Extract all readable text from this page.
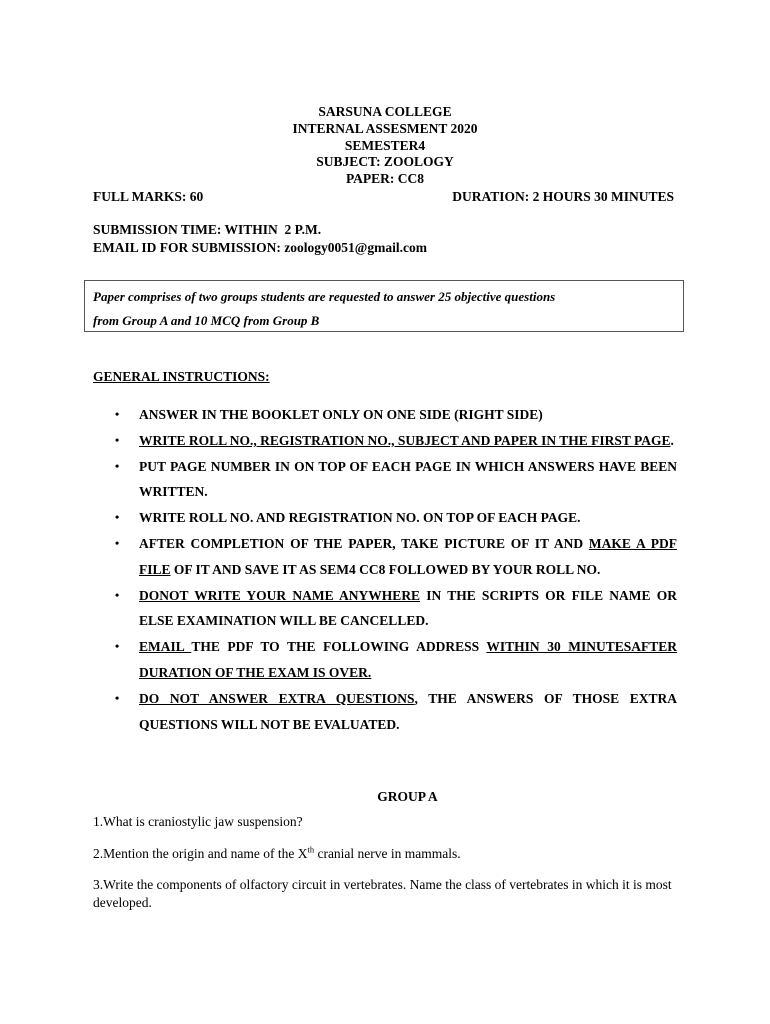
SARSUNA COLLEGE
INTERNAL ASSESMENT 2020
SEMESTER4
SUBJECT: ZOOLOGY
PAPER: CC8
FULL MARKS: 60	DURATION: 2 HOURS 30 MINUTES
SUBMISSION TIME: WITHIN  2 P.M.
EMAIL ID FOR SUBMISSION: zoology0051@gmail.com
Paper comprises of two groups students are requested to answer 25 objective questions
from Group A and 10 MCQ from Group B
GENERAL INSTRUCTIONS:
• ANSWER IN THE BOOKLET ONLY ON ONE SIDE (RIGHT SIDE)
• WRITE ROLL NO., REGISTRATION NO., SUBJECT AND PAPER IN THE FIRST PAGE.
• PUT PAGE NUMBER IN ON TOP OF EACH PAGE IN WHICH ANSWERS HAVE BEEN WRITTEN.
• WRITE ROLL NO. AND REGISTRATION NO. ON TOP OF EACH PAGE.
• AFTER COMPLETION OF THE PAPER, TAKE PICTURE OF IT AND MAKE A PDF FILE OF IT AND SAVE IT AS SEM4 CC8 FOLLOWED BY YOUR ROLL NO.
• DONOT WRITE YOUR NAME ANYWHERE IN THE SCRIPTS OR FILE NAME OR ELSE EXAMINATION WILL BE CANCELLED.
• EMAIL THE PDF TO THE FOLLOWING ADDRESS WITHIN 30 MINUTESAFTER DURATION OF THE EXAM IS OVER.
• DO NOT ANSWER EXTRA QUESTIONS, THE ANSWERS OF THOSE EXTRA QUESTIONS WILL NOT BE EVALUATED.
GROUP A
1.What is craniostylic jaw suspension?
2.Mention the origin and name of the Xth cranial nerve in mammals.
3.Write the components of olfactory circuit in vertebrates. Name the class of vertebrates in which it is most developed.
